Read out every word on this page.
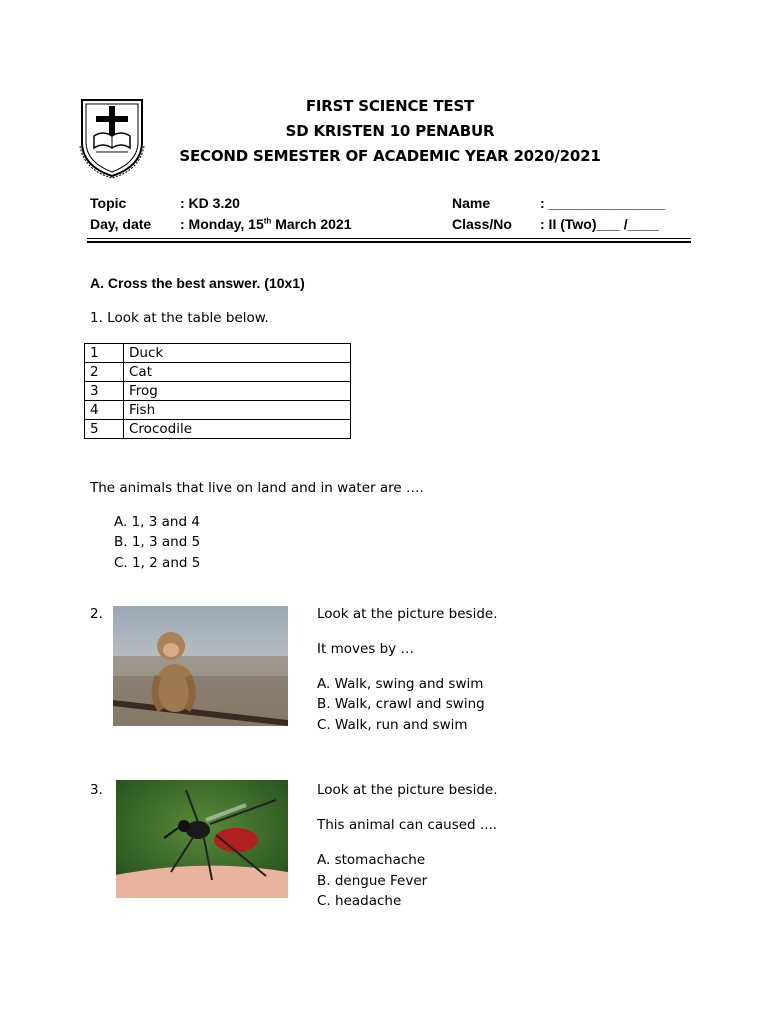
FIRST SCIENCE TEST
SD KRISTEN 10 PENABUR
SECOND SEMESTER OF ACADEMIC YEAR 2020/2021
Topic	: KD 3.20
Day, date : Monday, 15th March 2021
Name	: _______________
Class/No : II (Two)___ /____
A. Cross the best answer. (10x1)
1. Look at the table below.
1	Duck
2	Cat
3	Frog
4	Fish
5	Crocodile
The animals that live on land and in water are ….
A. 1, 3 and 4
B. 1, 3 and 5
C. 1, 2 and 5
2.	Look at the picture beside.
It moves by …
A. Walk, swing and swim
B. Walk, crawl and swing
C. Walk, run and swim
3.	Look at the picture beside.
This animal can caused ....
A. stomachache
B. dengue Fever
C. headache
